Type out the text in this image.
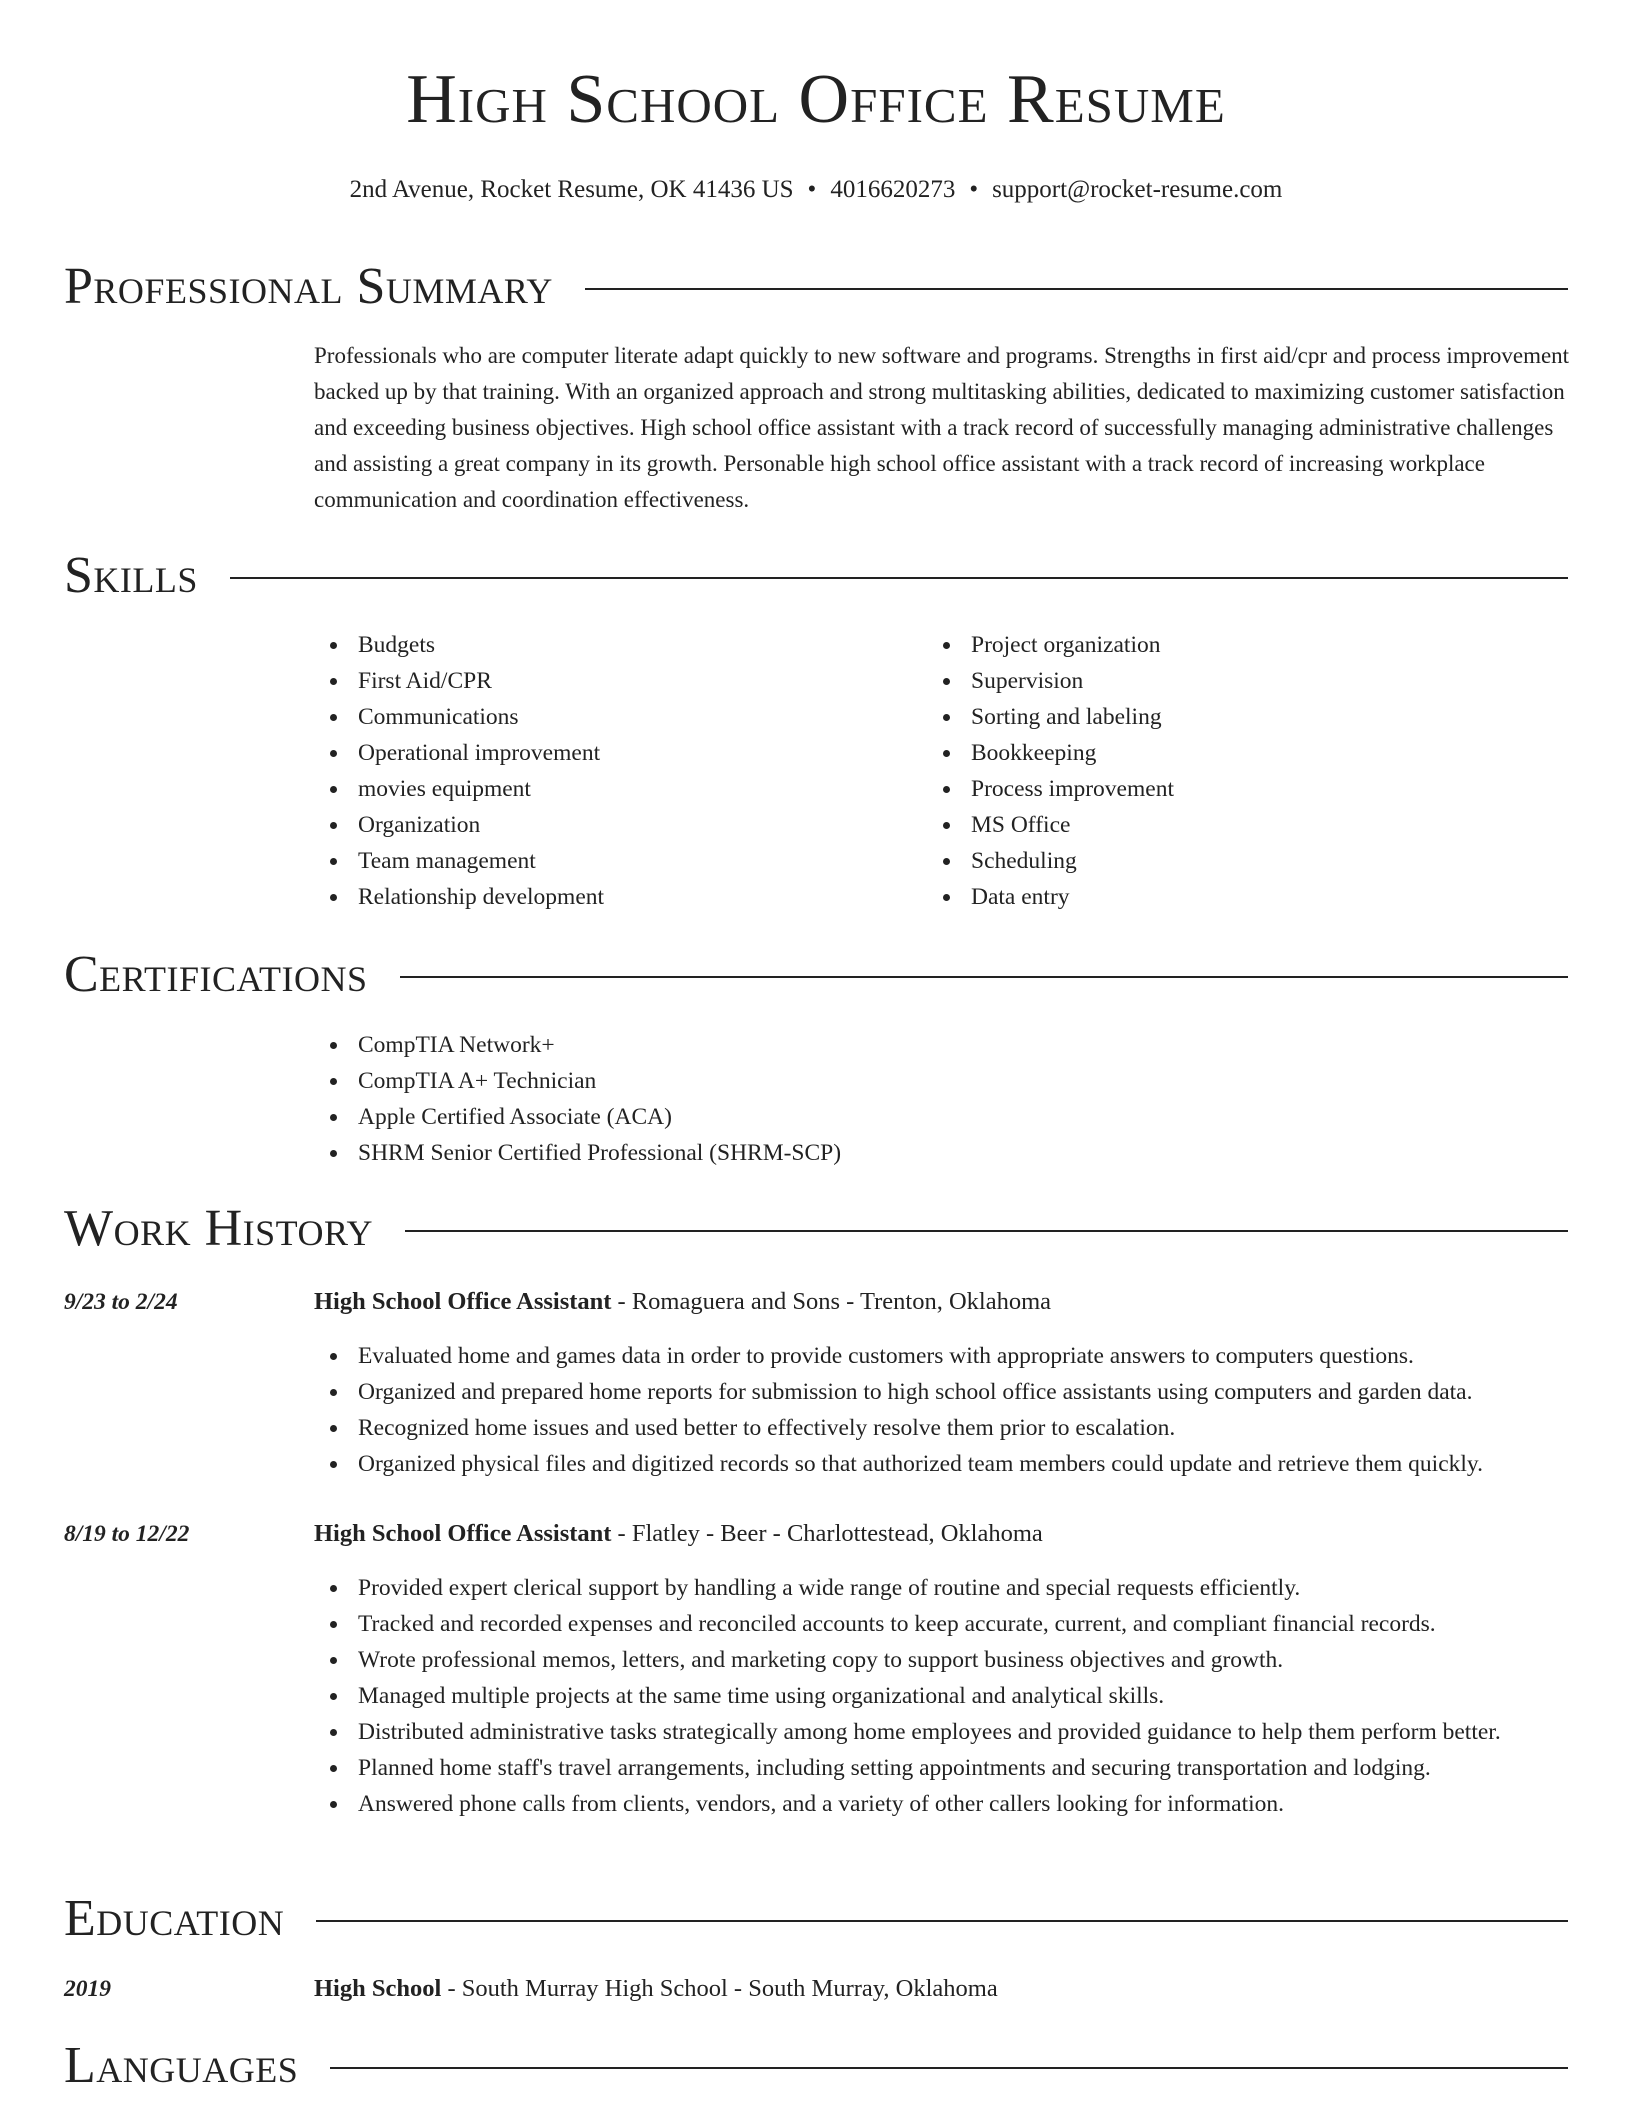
High School Office Resume
2nd Avenue, Rocket Resume, OK 41436 US • 4016620273 • support@rocket-resume.com
Professional Summary

Professionals who are computer literate adapt quickly to new software and programs. Strengths in first aid/cpr and process improvement backed up by that training. With an organized approach and strong multitasking abilities, dedicated to maximizing customer satisfaction and exceeding business objectives. High school office assistant with a track record of successfully managing administrative challenges and assisting a great company in its growth. Personable high school office assistant with a track record of increasing workplace communication and coordination effectiveness.

Skills
Budgets
First Aid/CPR
Communications
Operational improvement
movies equipment
Organization
Team management
Relationship development
Project organization
Supervision
Sorting and labeling
Bookkeeping
Process improvement
MS Office
Scheduling
Data entry
Certifications
CompTIA Network+
CompTIA A+ Technician
Apple Certified Associate (ACA)
SHRM Senior Certified Professional (SHRM-SCP)
Work History
9/23 to 2/24	High School Office Assistant - Romaguera and Sons - Trenton, Oklahoma
Evaluated home and games data in order to provide customers with appropriate answers to computers questions.
Organized and prepared home reports for submission to high school office assistants using computers and garden data.
Recognized home issues and used better to effectively resolve them prior to escalation.
Organized physical files and digitized records so that authorized team members could update and retrieve them quickly.
8/19 to 12/22	High School Office Assistant - Flatley - Beer - Charlottestead, Oklahoma
Provided expert clerical support by handling a wide range of routine and special requests efficiently.
Tracked and recorded expenses and reconciled accounts to keep accurate, current, and compliant financial records.
Wrote professional memos, letters, and marketing copy to support business objectives and growth.
Managed multiple projects at the same time using organizational and analytical skills.
Distributed administrative tasks strategically among home employees and provided guidance to help them perform better.
Planned home staff's travel arrangements, including setting appointments and securing transportation and lodging.
Answered phone calls from clients, vendors, and a variety of other callers looking for information.
Education
2019	High School - South Murray High School - South Murray, Oklahoma
Languages
